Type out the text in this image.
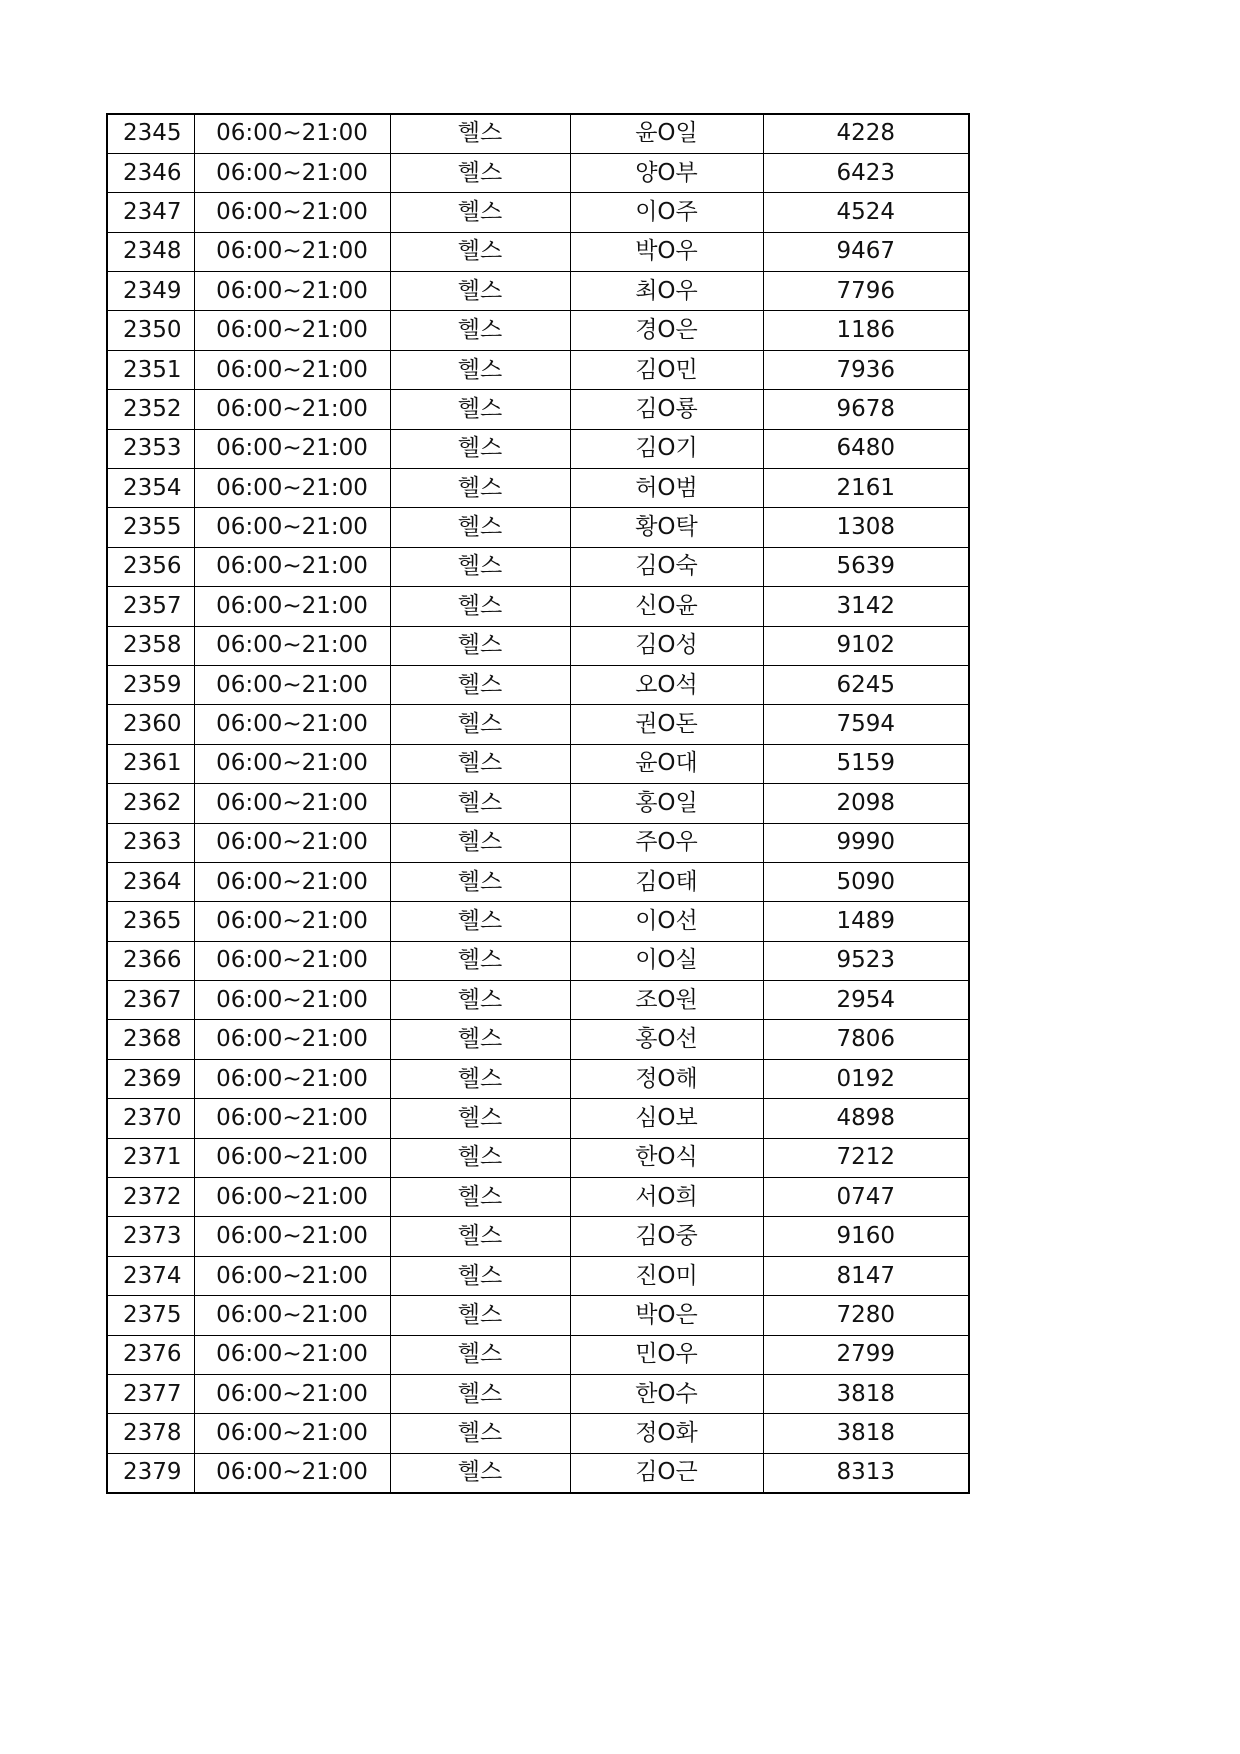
2345	06:00~21:00	헬스	윤O일	4228
2346	06:00~21:00	헬스	양O부	6423
2347	06:00~21:00	헬스	이O주	4524
2348	06:00~21:00	헬스	박O우	9467
2349	06:00~21:00	헬스	최O우	7796
2350	06:00~21:00	헬스	경O은	1186
2351	06:00~21:00	헬스	김O민	7936
2352	06:00~21:00	헬스	김O룡	9678
2353	06:00~21:00	헬스	김O기	6480
2354	06:00~21:00	헬스	허O범	2161
2355	06:00~21:00	헬스	황O탁	1308
2356	06:00~21:00	헬스	김O숙	5639
2357	06:00~21:00	헬스	신O윤	3142
2358	06:00~21:00	헬스	김O성	9102
2359	06:00~21:00	헬스	오O석	6245
2360	06:00~21:00	헬스	권O돈	7594
2361	06:00~21:00	헬스	윤O대	5159
2362	06:00~21:00	헬스	홍O일	2098
2363	06:00~21:00	헬스	주O우	9990
2364	06:00~21:00	헬스	김O태	5090
2365	06:00~21:00	헬스	이O선	1489
2366	06:00~21:00	헬스	이O실	9523
2367	06:00~21:00	헬스	조O원	2954
2368	06:00~21:00	헬스	홍O선	7806
2369	06:00~21:00	헬스	정O해	0192
2370	06:00~21:00	헬스	심O보	4898
2371	06:00~21:00	헬스	한O식	7212
2372	06:00~21:00	헬스	서O희	0747
2373	06:00~21:00	헬스	김O중	9160
2374	06:00~21:00	헬스	진O미	8147
2375	06:00~21:00	헬스	박O은	7280
2376	06:00~21:00	헬스	민O우	2799
2377	06:00~21:00	헬스	한O수	3818
2378	06:00~21:00	헬스	정O화	3818
2379	06:00~21:00	헬스	김O근	8313
